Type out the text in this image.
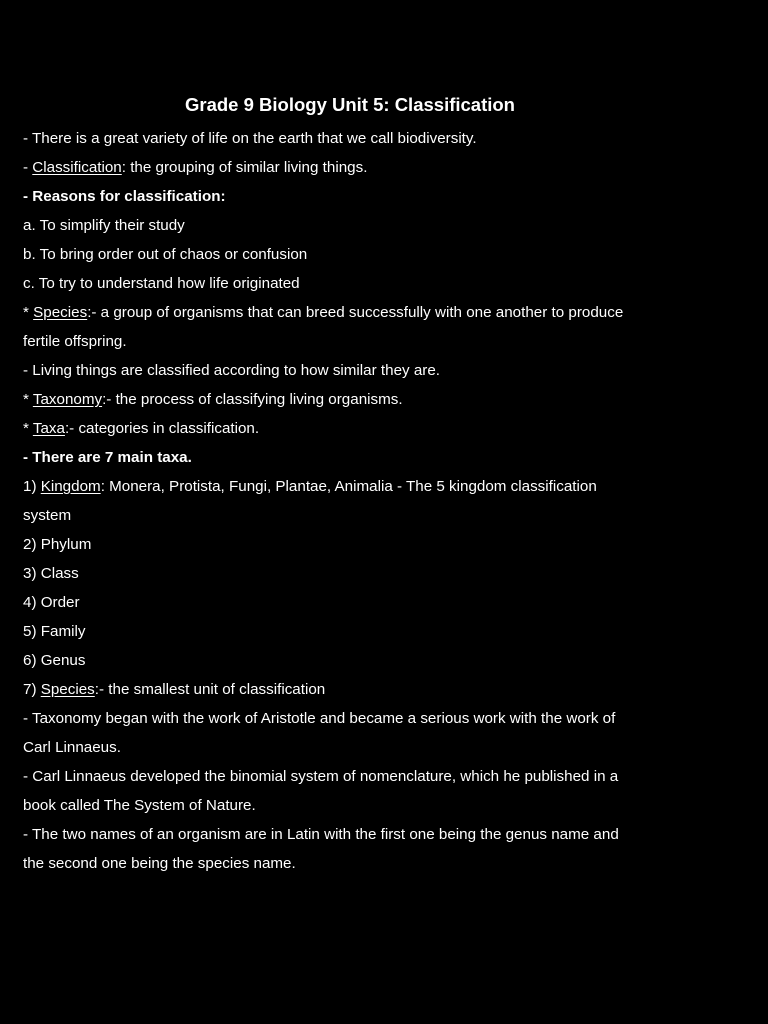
Grade 9 Biology Unit 5: Classification
- There is a great variety of life on the earth that we call biodiversity.
- Classification: the grouping of similar living things.
- Reasons for classification:
a. To simplify their study
b. To bring order out of chaos or confusion
c. To try to understand how life originated
* Species:- a group of organisms that can breed successfully with one another to produce
fertile offspring.
- Living things are classified according to how similar they are.
* Taxonomy:- the process of classifying living organisms.
* Taxa:- categories in classification.
- There are 7 main taxa.
1) Kingdom: Monera, Protista, Fungi, Plantae, Animalia - The 5 kingdom classification
system
2) Phylum
3) Class
4) Order
5) Family
6) Genus
7) Species:- the smallest unit of classification
- Taxonomy began with the work of Aristotle and became a serious work with the work of
Carl Linnaeus.
- Carl Linnaeus developed the binomial system of nomenclature, which he published in a
book called The System of Nature.
- The two names of an organism are in Latin with the first one being the genus name and
the second one being the species name.
